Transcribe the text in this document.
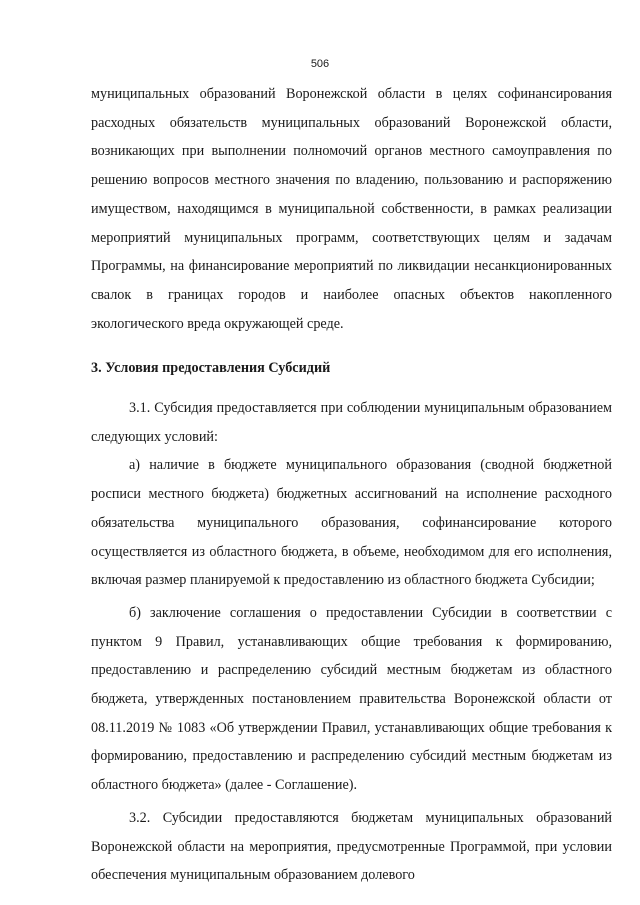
506

муниципальных образований Воронежской области в целях софинансирования расходных обязательств муниципальных образований Воронежской области, возникающих при выполнении полномочий органов местного самоуправления по решению вопросов местного значения по владению, пользованию и распоряжению имуществом, находящимся в муниципальной собственности, в рамках реализации мероприятий муниципальных программ, соответствующих целям и задачам Программы, на финансирование мероприятий по ликвидации несанкционированных свалок в границах городов и наиболее опасных объектов накопленного экологического вреда окружающей среде.

3. Условия предоставления Субсидий

3.1. Субсидия предоставляется при соблюдении муниципальным образованием следующих условий:

а) наличие в бюджете муниципального образования (сводной бюджетной росписи местного бюджета) бюджетных ассигнований на исполнение расходного обязательства муниципального образования, софинансирование которого осуществляется из областного бюджета, в объеме, необходимом для его исполнения, включая размер планируемой к предоставлению из областного бюджета Субсидии;

б) заключение соглашения о предоставлении Субсидии в соответствии с пунктом 9 Правил, устанавливающих общие требования к формированию, предоставлению и распределению субсидий местным бюджетам из областного бюджета, утвержденных постановлением правительства Воронежской области от 08.11.2019 № 1083 «Об утверждении Правил, устанавливающих общие требования к формированию, предоставлению и распределению субсидий местным бюджетам из областного бюджета» (далее - Соглашение).

3.2. Субсидии предоставляются бюджетам муниципальных образований Воронежской области на мероприятия, предусмотренные Программой, при условии обеспечения муниципальным образованием долевого
